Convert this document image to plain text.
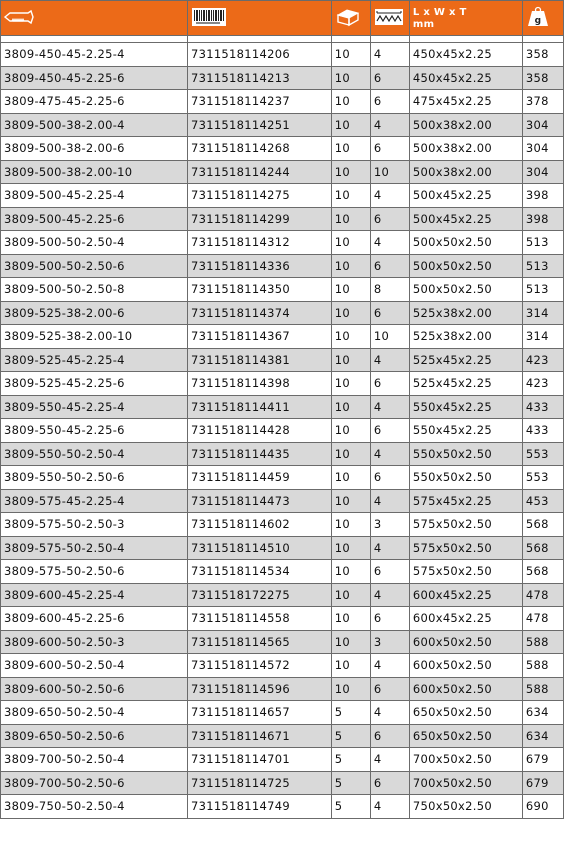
L x W x T
mm	g

3809-450-45-2.25-4	7311518114206	10	4	450x45x2.25	358
3809-450-45-2.25-6	7311518114213	10	6	450x45x2.25	358
3809-475-45-2.25-6	7311518114237	10	6	475x45x2.25	378
3809-500-38-2.00-4	7311518114251	10	4	500x38x2.00	304
3809-500-38-2.00-6	7311518114268	10	6	500x38x2.00	304
3809-500-38-2.00-10	7311518114244	10	10	500x38x2.00	304
3809-500-45-2.25-4	7311518114275	10	4	500x45x2.25	398
3809-500-45-2.25-6	7311518114299	10	6	500x45x2.25	398
3809-500-50-2.50-4	7311518114312	10	4	500x50x2.50	513
3809-500-50-2.50-6	7311518114336	10	6	500x50x2.50	513
3809-500-50-2.50-8	7311518114350	10	8	500x50x2.50	513
3809-525-38-2.00-6	7311518114374	10	6	525x38x2.00	314
3809-525-38-2.00-10	7311518114367	10	10	525x38x2.00	314
3809-525-45-2.25-4	7311518114381	10	4	525x45x2.25	423
3809-525-45-2.25-6	7311518114398	10	6	525x45x2.25	423
3809-550-45-2.25-4	7311518114411	10	4	550x45x2.25	433
3809-550-45-2.25-6	7311518114428	10	6	550x45x2.25	433
3809-550-50-2.50-4	7311518114435	10	4	550x50x2.50	553
3809-550-50-2.50-6	7311518114459	10	6	550x50x2.50	553
3809-575-45-2.25-4	7311518114473	10	4	575x45x2.25	453
3809-575-50-2.50-3	7311518114602	10	3	575x50x2.50	568
3809-575-50-2.50-4	7311518114510	10	4	575x50x2.50	568
3809-575-50-2.50-6	7311518114534	10	6	575x50x2.50	568
3809-600-45-2.25-4	7311518172275	10	4	600x45x2.25	478
3809-600-45-2.25-6	7311518114558	10	6	600x45x2.25	478
3809-600-50-2.50-3	7311518114565	10	3	600x50x2.50	588
3809-600-50-2.50-4	7311518114572	10	4	600x50x2.50	588
3809-600-50-2.50-6	7311518114596	10	6	600x50x2.50	588
3809-650-50-2.50-4	7311518114657	5	4	650x50x2.50	634
3809-650-50-2.50-6	7311518114671	5	6	650x50x2.50	634
3809-700-50-2.50-4	7311518114701	5	4	700x50x2.50	679
3809-700-50-2.50-6	7311518114725	5	6	700x50x2.50	679
3809-750-50-2.50-4	7311518114749	5	4	750x50x2.50	690
